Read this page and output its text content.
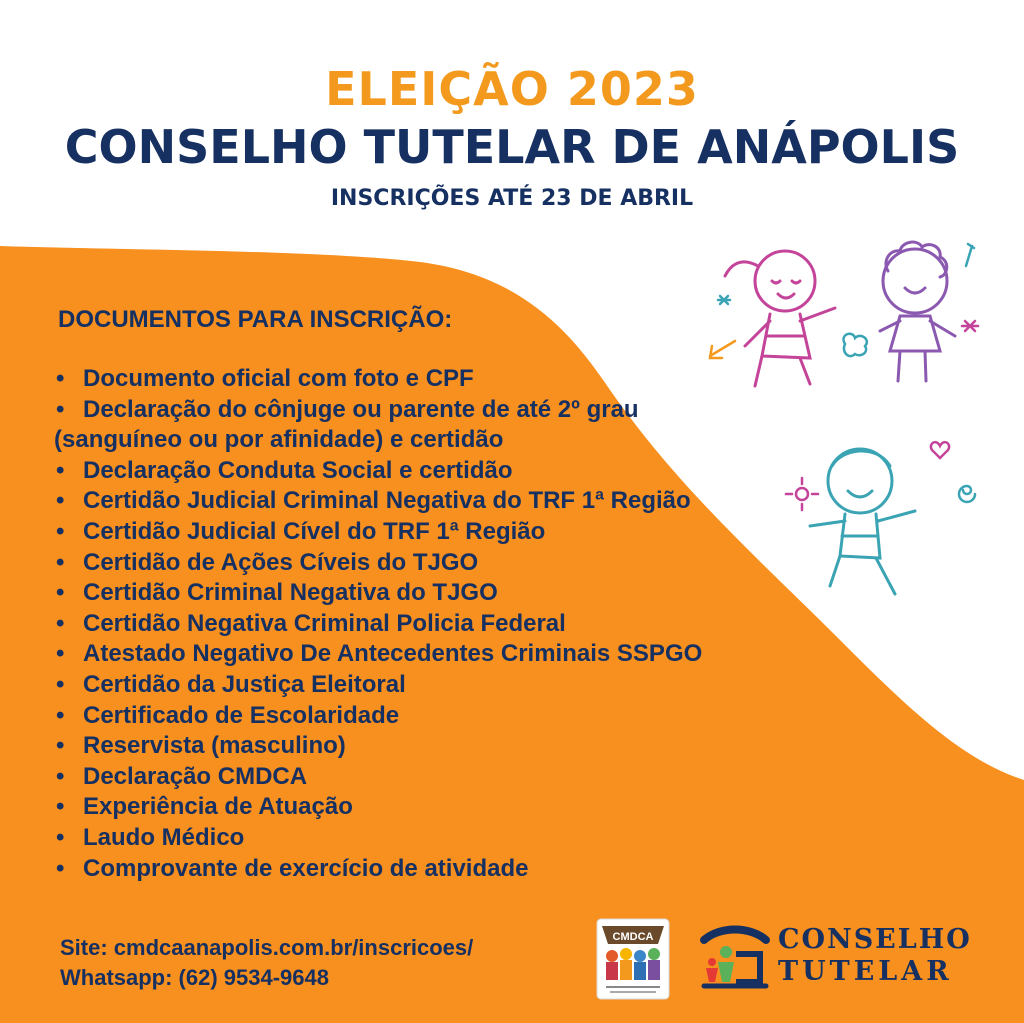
ELEIÇÃO 2023
CONSELHO TUTELAR DE ANÁPOLIS
INSCRIÇÕES ATÉ 23 DE ABRIL
DOCUMENTOS PARA INSCRIÇÃO:
• Documento oficial com foto e CPF
• Declaração do cônjuge ou parente de até 2º grau
(sanguíneo ou por afinidade) e certidão
• Declaração Conduta Social e certidão
• Certidão Judicial Criminal Negativa do TRF 1ª Região
• Certidão Judicial Cível do TRF 1ª Região
• Certidão de Ações Cíveis do TJGO
• Certidão Criminal Negativa do TJGO
• Certidão Negativa Criminal Policia Federal
• Atestado Negativo De Antecedentes Criminais SSPGO
• Certidão da Justiça Eleitoral
• Certificado de Escolaridade
• Reservista (masculino)
• Declaração CMDCA
• Experiência de Atuação
• Laudo Médico
• Comprovante de exercício de atividade
Site: cmdcaanapolis.com.br/inscricoes/
Whatsapp: (62) 9534-9648
CMDCA	CONSELHO
TUTELAR
